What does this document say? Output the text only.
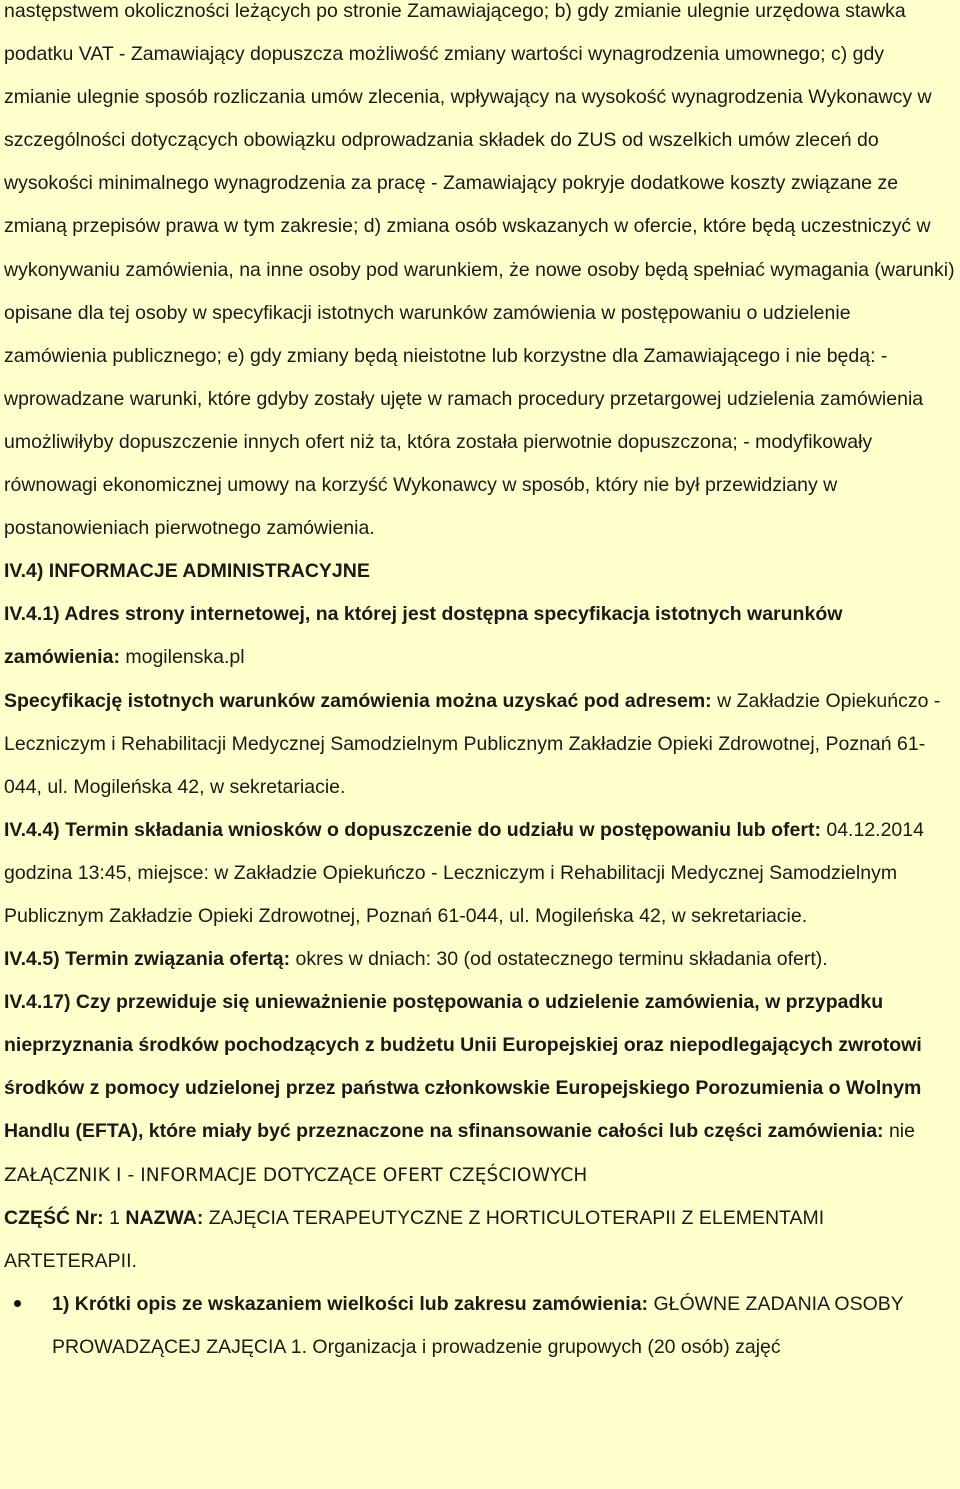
następstwem okoliczności leżących po stronie Zamawiającego; b) gdy zmianie ulegnie urzędowa stawka podatku VAT - Zamawiający dopuszcza możliwość zmiany wartości wynagrodzenia umownego; c) gdy zmianie ulegnie sposób rozliczania umów zlecenia, wpływający na wysokość wynagrodzenia Wykonawcy w szczególności dotyczących obowiązku odprowadzania składek do ZUS od wszelkich umów zleceń do wysokości minimalnego wynagrodzenia za pracę - Zamawiający pokryje dodatkowe koszty związane ze zmianą przepisów prawa w tym zakresie; d) zmiana osób wskazanych w ofercie, które będą uczestniczyć w wykonywaniu zamówienia, na inne osoby pod warunkiem, że nowe osoby będą spełniać wymagania (warunki) opisane dla tej osoby w specyfikacji istotnych warunków zamówienia w postępowaniu o udzielenie zamówienia publicznego; e) gdy zmiany będą nieistotne lub korzystne dla Zamawiającego i nie będą: - wprowadzane warunki, które gdyby zostały ujęte w ramach procedury przetargowej udzielenia zamówienia umożliwiłyby dopuszczenie innych ofert niż ta, która została pierwotnie dopuszczona; - modyfikowały równowagi ekonomicznej umowy na korzyść Wykonawcy w sposób, który nie był przewidziany w postanowieniach pierwotnego zamówienia.

IV.4) INFORMACJE ADMINISTRACYJNE

IV.4.1) Adres strony internetowej, na której jest dostępna specyfikacja istotnych warunków zamówienia: mogilenska.pl

Specyfikację istotnych warunków zamówienia można uzyskać pod adresem: w Zakładzie Opiekuńczo - Leczniczym i Rehabilitacji Medycznej Samodzielnym Publicznym Zakładzie Opieki Zdrowotnej, Poznań 61-044, ul. Mogileńska 42, w sekretariacie.

IV.4.4) Termin składania wniosków o dopuszczenie do udziału w postępowaniu lub ofert: 04.12.2014 godzina 13:45, miejsce: w Zakładzie Opiekuńczo - Leczniczym i Rehabilitacji Medycznej Samodzielnym Publicznym Zakładzie Opieki Zdrowotnej, Poznań 61-044, ul. Mogileńska 42, w sekretariacie.

IV.4.5) Termin związania ofertą: okres w dniach: 30 (od ostatecznego terminu składania ofert).

IV.4.17) Czy przewiduje się unieważnienie postępowania o udzielenie zamówienia, w przypadku nieprzyznania środków pochodzących z budżetu Unii Europejskiej oraz niepodlegających zwrotowi środków z pomocy udzielonej przez państwa członkowskie Europejskiego Porozumienia o Wolnym Handlu (EFTA), które miały być przeznaczone na sfinansowanie całości lub części zamówienia: nie

ZAŁĄCZNIK I - INFORMACJE DOTYCZĄCE OFERT CZĘŚCIOWYCH

CZĘŚĆ Nr: 1 NAZWA: ZAJĘCIA TERAPEUTYCZNE Z HORTICULOTERAPII Z ELEMENTAMI ARTETERAPII.

1) Krótki opis ze wskazaniem wielkości lub zakresu zamówienia: GŁÓWNE ZADANIA OSOBY PROWADZĄCEJ ZAJĘCIA 1. Organizacja i prowadzenie grupowych (20 osób) zajęć
